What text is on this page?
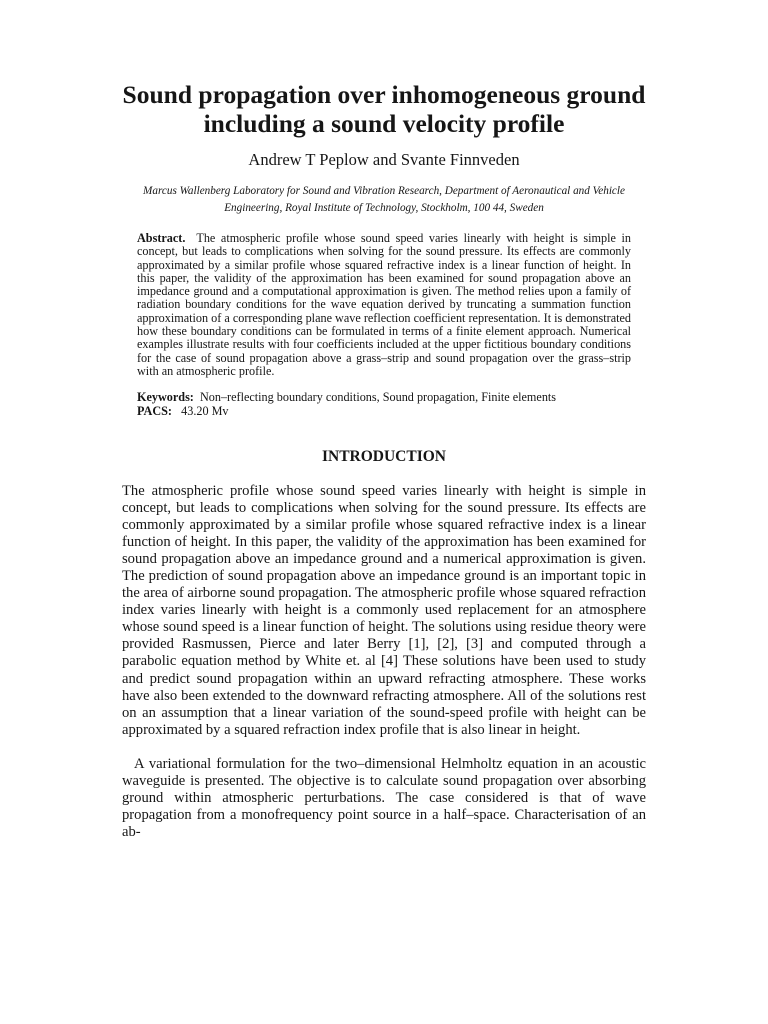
Sound propagation over inhomogeneous ground including a sound velocity profile
Andrew T Peplow and Svante Finnveden
Marcus Wallenberg Laboratory for Sound and Vibration Research, Department of Aeronautical and Vehicle Engineering, Royal Institute of Technology, Stockholm, 100 44, Sweden

Abstract. The atmospheric profile whose sound speed varies linearly with height is simple in concept, but leads to complications when solving for the sound pressure. Its effects are commonly approximated by a similar profile whose squared refractive index is a linear function of height. In this paper, the validity of the approximation has been examined for sound propagation above an impedance ground and a computational approximation is given. The method relies upon a family of radiation boundary conditions for the wave equation derived by truncating a summation function approximation of a corresponding plane wave reflection coefficient representation. It is demonstrated how these boundary conditions can be formulated in terms of a finite element approach. Numerical examples illustrate results with four coefficients included at the upper fictitious boundary conditions for the case of sound propagation above a grass–strip and sound propagation over the grass–strip with an atmospheric profile.

Keywords: Non–reflecting boundary conditions, Sound propagation, Finite elements
PACS: 43.20 Mv
INTRODUCTION

The atmospheric profile whose sound speed varies linearly with height is simple in concept, but leads to complications when solving for the sound pressure. Its effects are commonly approximated by a similar profile whose squared refractive index is a linear function of height. In this paper, the validity of the approximation has been examined for sound propagation above an impedance ground and a numerical approximation is given. The prediction of sound propagation above an impedance ground is an important topic in the area of airborne sound propagation. The atmospheric profile whose squared refraction index varies linearly with height is a commonly used replacement for an atmosphere whose sound speed is a linear function of height. The solutions using residue theory were provided Rasmussen, Pierce and later Berry [1], [2], [3] and computed through a parabolic equation method by White et. al [4] These solutions have been used to study and predict sound propagation within an upward refracting atmosphere. These works have also been extended to the downward refracting atmosphere. All of the solutions rest on an assumption that a linear variation of the sound-speed profile with height can be approximated by a squared refraction index profile that is also linear in height.

A variational formulation for the two–dimensional Helmholtz equation in an acoustic waveguide is presented. The objective is to calculate sound propagation over absorbing ground within atmospheric perturbations. The case considered is that of wave propagation from a monofrequency point source in a half–space. Characterisation of an ab-
